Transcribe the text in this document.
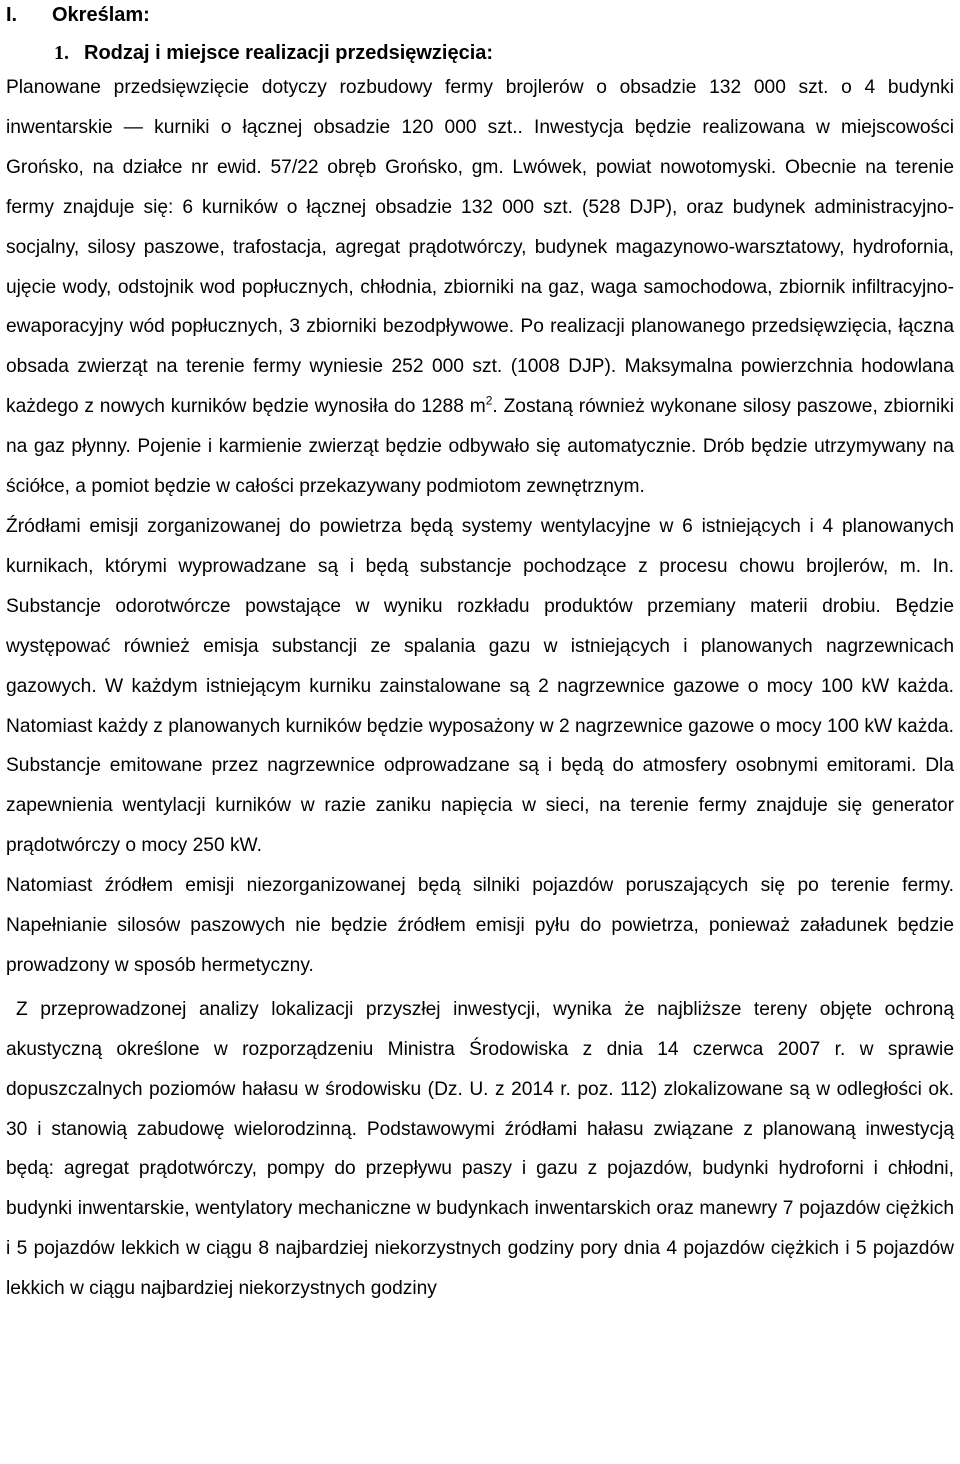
I.	Określam:
1. Rodzaj i miejsce realizacji przedsięwzięcia:

Planowane przedsięwzięcie dotyczy rozbudowy fermy brojlerów o obsadzie 132 000 szt. o 4 budynki inwentarskie — kurniki o łącznej obsadzie 120 000 szt.. Inwestycja będzie realizowana w miejscowości Grońsko, na działce nr ewid. 57/22 obręb Grońsko, gm. Lwówek, powiat nowotomyski. Obecnie na terenie fermy znajduje się: 6 kurników o łącznej obsadzie 132 000 szt. (528 DJP), oraz budynek administracyjno-socjalny, silosy paszowe, trafostacja, agregat prądotwórczy, budynek magazynowo-warsztatowy, hydrofornia, ujęcie wody, odstojnik wod popłucznych, chłodnia, zbiorniki na gaz, waga samochodowa, zbiornik infiltracyjno-ewaporacyjny wód popłucznych, 3 zbiorniki bezodpływowe. Po realizacji planowanego przedsięwzięcia, łączna obsada zwierząt na terenie fermy wyniesie 252 000 szt. (1008 DJP). Maksymalna powierzchnia hodowlana każdego z nowych kurników będzie wynosiła do 1288 $m^2$. Zostaną również wykonane silosy paszowe, zbiorniki na gaz płynny. Pojenie i karmienie zwierząt będzie odbywało się automatycznie. Drób będzie utrzymywany na ściółce, a pomiot będzie w całości przekazywany podmiotom zewnętrznym.

Źródłami emisji zorganizowanej do powietrza będą systemy wentylacyjne w 6 istniejących i 4 planowanych kurnikach, którymi wyprowadzane są i będą substancje pochodzące z procesu chowu brojlerów, m. In. Substancje odorotwórcze powstające w wyniku rozkładu produktów przemiany materii drobiu. Będzie występować również emisja substancji ze spalania gazu w istniejących i planowanych nagrzewnicach gazowych. W każdym istniejącym kurniku zainstalowane są 2 nagrzewnice gazowe o mocy 100 kW każda. Natomiast każdy z planowanych kurników będzie wyposażony w 2 nagrzewnice gazowe o mocy 100 kW każda. Substancje emitowane przez nagrzewnice odprowadzane są i będą do atmosfery osobnymi emitorami. Dla zapewnienia wentylacji kurników w razie zaniku napięcia w sieci, na terenie fermy znajduje się generator prądotwórczy o mocy 250 kW.

Natomiast źródłem emisji niezorganizowanej będą silniki pojazdów poruszających się po terenie fermy. Napełnianie silosów paszowych nie będzie źródłem emisji pyłu do powietrza, ponieważ załadunek będzie prowadzony w sposób hermetyczny.

Z przeprowadzonej analizy lokalizacji przyszłej inwestycji, wynika że najbliższe tereny objęte ochroną akustyczną określone w rozporządzeniu Ministra Środowiska z dnia 14 czerwca 2007 r. w sprawie dopuszczalnych poziomów hałasu w środowisku (Dz. U. z 2014 r. poz. 112) zlokalizowane są w odległości ok. 30 i stanowią zabudowę wielorodzinną. Podstawowymi źródłami hałasu związane z planowaną inwestycją będą: agregat prądotwórczy, pompy do przepływu paszy i gazu z pojazdów, budynki hydroforni i chłodni, budynki inwentarskie, wentylatory mechaniczne w budynkach inwentarskich oraz manewry 7 pojazdów ciężkich i 5 pojazdów lekkich w ciągu 8 najbardziej niekorzystnych godziny pory dnia 4 pojazdów ciężkich i 5 pojazdów lekkich w ciągu najbardziej niekorzystnych godziny
